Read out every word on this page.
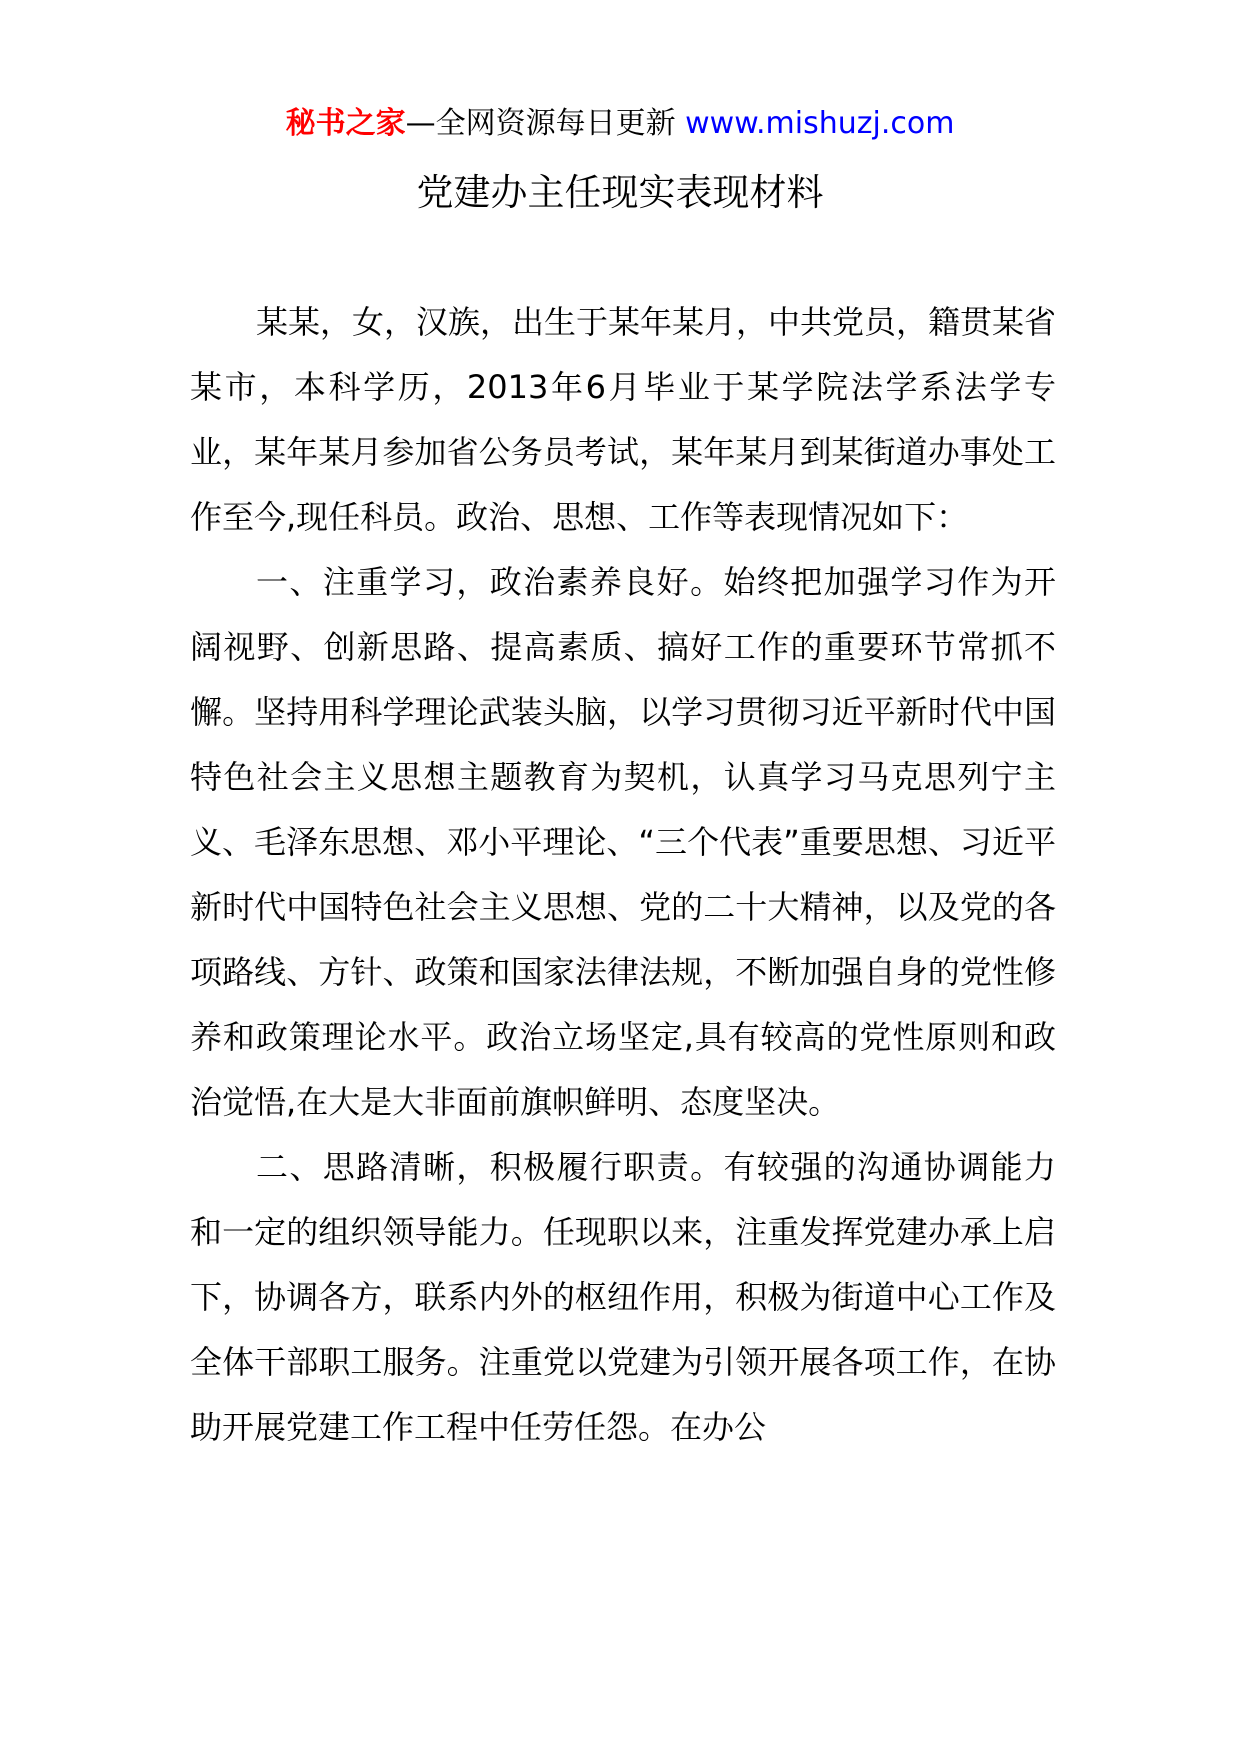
秘书之家—全网资源每日更新 www.mishuzj.com
党建办主任现实表现材料

某某，女，汉族，出生于某年某月，中共党员，籍贯某省某市，本科学历，2013年6月毕业于某学院法学系法学专业，某年某月参加省公务员考试，某年某月到某街道办事处工作至今,现任科员。政治、思想、工作等表现情况如下：

一、注重学习，政治素养良好。始终把加强学习作为开阔视野、创新思路、提高素质、搞好工作的重要环节常抓不懈。坚持用科学理论武装头脑，以学习贯彻习近平新时代中国特色社会主义思想主题教育为契机，认真学习马克思列宁主义、毛泽东思想、邓小平理论、“三个代表”重要思想、习近平新时代中国特色社会主义思想、党的二十大精神，以及党的各项路线、方针、政策和国家法律法规，不断加强自身的党性修养和政策理论水平。政治立场坚定,具有较高的党性原则和政治觉悟,在大是大非面前旗帜鲜明、态度坚决。

二、思路清晰，积极履行职责。有较强的沟通协调能力和一定的组织领导能力。任现职以来，注重发挥党建办承上启下，协调各方，联系内外的枢纽作用，积极为街道中心工作及全体干部职工服务。注重党以党建为引领开展各项工作，在协助开展党建工作工程中任劳任怨。在办公
